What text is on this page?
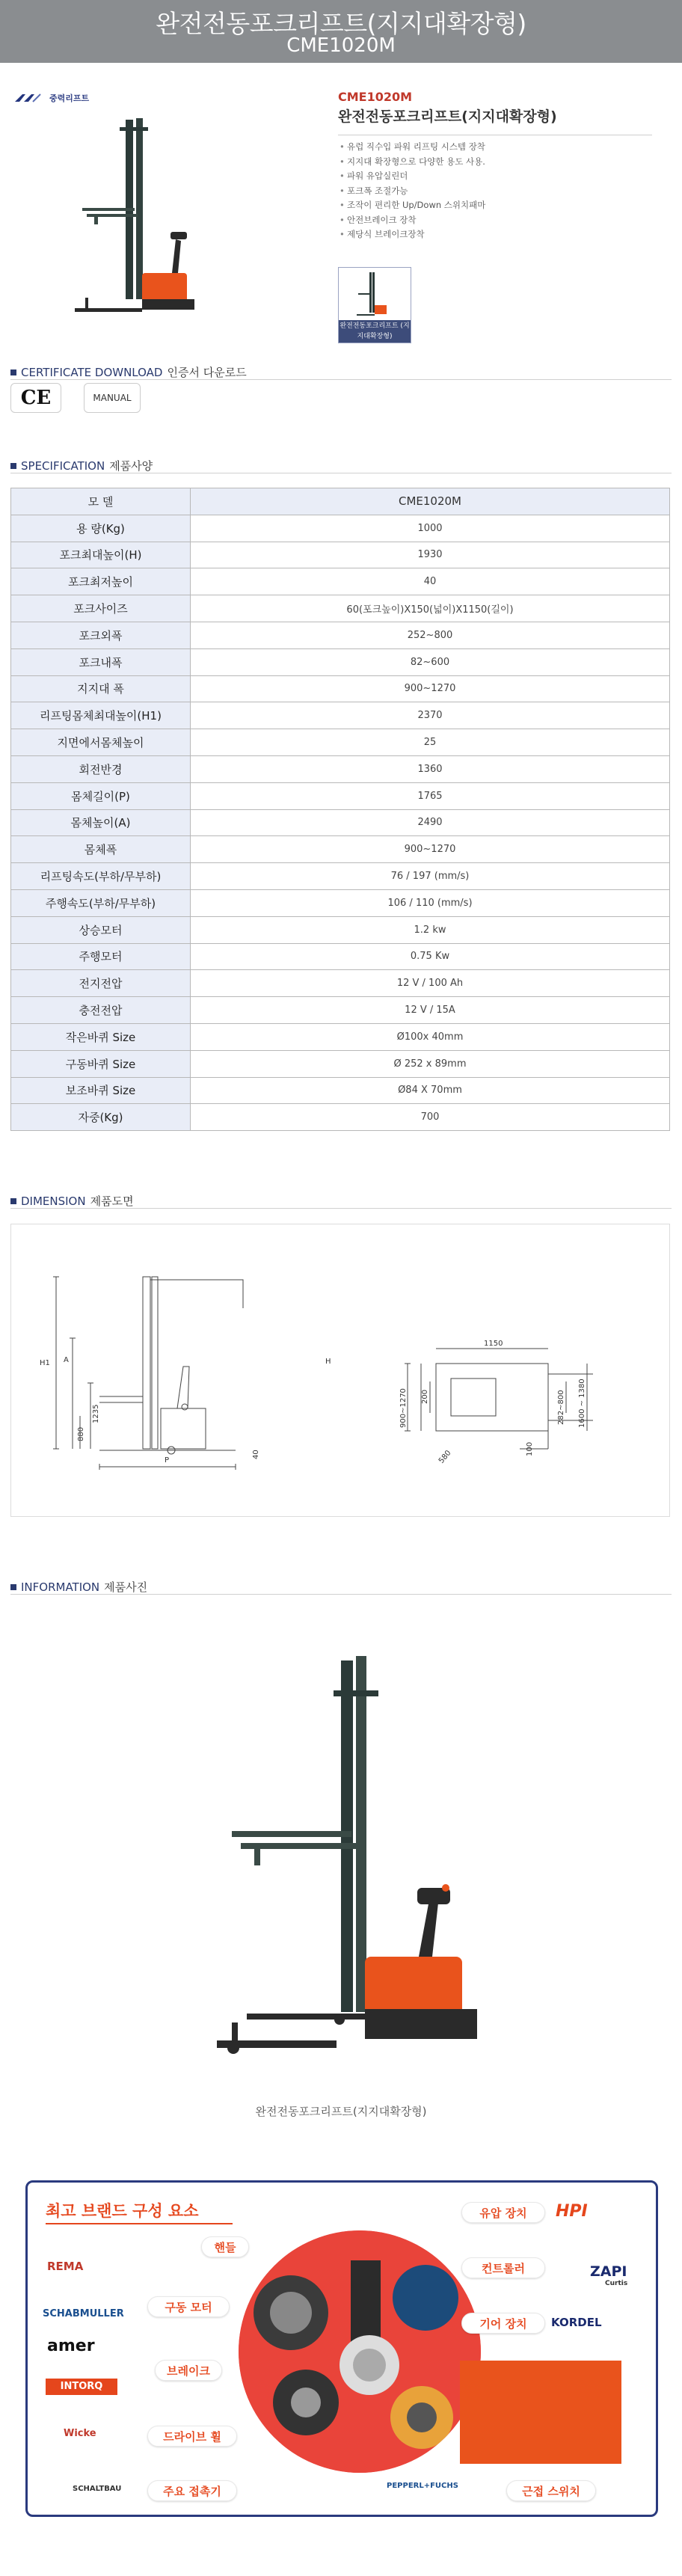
완전전동포크리프트(지지대확장형)
CME1020M
중력리프트	CME1020M
완전전동포크리프트(지지대확장형)
• 유럽 직수입 파워 리프팅 시스템 장착
• 지지대 확장형으로 다양한 용도 사용.
• 파워 유압실린더
• 포크폭 조절가능
• 조작이 편리한 Up/Down 스위치패마
• 안전브레이크 장착
• 제당식 브레이크장착
완전전동포크리프트 (지지대확장형)
CERTIFICATE DOWNLOAD 인증서 다운로드
CE	MANUAL
SPECIFICATION 제품사양
모 델	CME1020M
용 량(Kg)	1000
포크최대높이(H)	1930
포크최저높이	40
포크사이즈	60(포크높이)X150(넓이)X1150(길이)
포크외폭	252~800
포크내폭	82~600
지지대 폭	900~1270
리프팅몸체최대높이(H1)	2370
지면에서몸체높이	25
회전반경	1360
몸체길이(P)	1765
몸체높이(A)	2490
몸체폭	900~1270
리프팅속도(부하/무부하)	76 / 197 (mm/s)
주행속도(부하/무부하)	106 / 110 (mm/s)
상승모터	1.2 kw
주행모터	0.75 Kw
전지전압	12 V / 100 Ah
충전전압	12 V / 15A
작은바퀴 Size	Ø100x 40mm
구동바퀴 Size	Ø 252 x 89mm
보조바퀴 Size	Ø84 X 70mm
자중(Kg)	700
DIMENSION 제품도면
H1 A
1235
880
P
40
H
1150
900~1270 200	282~800 1600 ~ 1380
100
580
INFORMATION 제품사진
완전전동포크리프트(지지대확장형)
최고 브랜드 구성 요소
핸들
구동 모터
브레이크
드라이브 휠
주요 접촉기
유압 장치
컨트롤러
기어 장치
근접 스위치
REMA
SCHABMULLER
amer
INTORQ
Wicke
SCHALTBAU
HPI
ZAPI
Curtis
KORDEL
PEPPERL+FUCHS
